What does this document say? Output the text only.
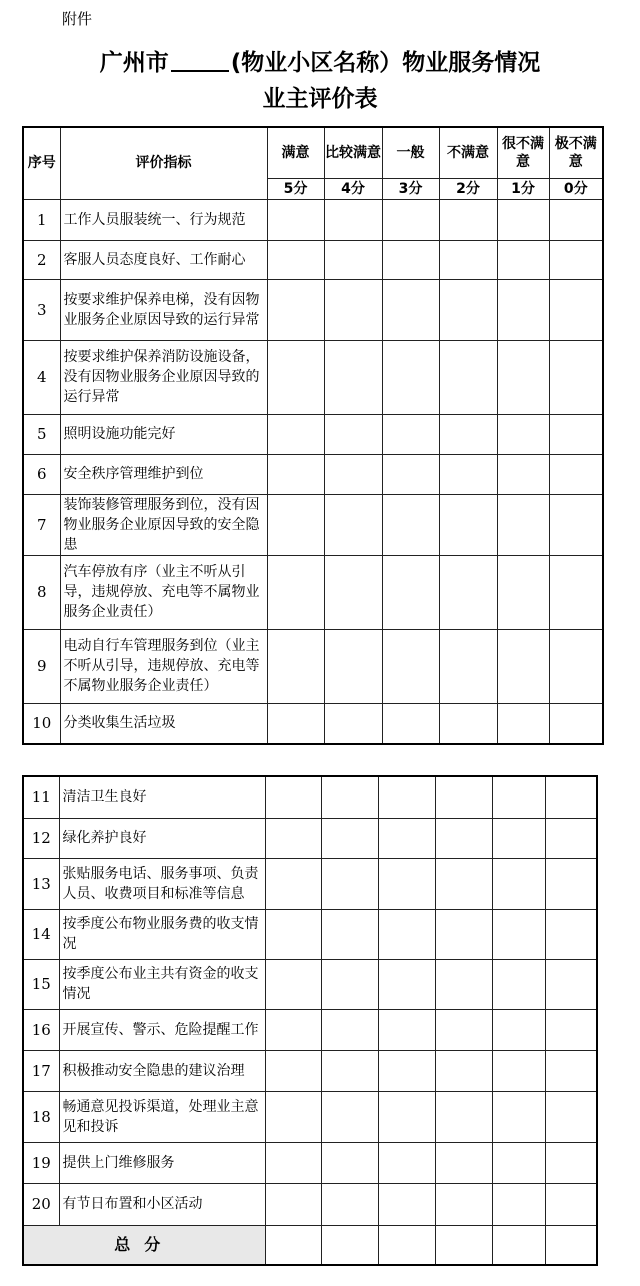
附件
广州市	(物业小区名称）物业服务情况
业主评价表
序号	评价指标	满意	比较满意	一般	不满意	很不满意	极不满意
		5分	4分	3分	2分	1分	0分
1	工作人员服装统一、行为规范						
2	客服人员态度良好、工作耐心						
3	按要求维护保养电梯，没有因物业服务企业原因导致的运行异常						
4	按要求维护保养消防设施设备，没有因物业服务企业原因导致的运行异常						
5	照明设施功能完好						
6	安全秩序管理维护到位						
7	装饰装修管理服务到位，没有因物业服务企业原因导致的安全隐患						
8	汽车停放有序（业主不听从引导，违规停放、充电等不属物业服务企业责任）						
9	电动自行车管理服务到位（业主不听从引导，违规停放、充电等不属物业服务企业责任）						
10	分类收集生活垃圾						
11	清洁卫生良好						
12	绿化养护良好						
13	张贴服务电话、服务事项、负责人员、收费项目和标准等信息						
14	按季度公布物业服务费的收支情况						
15	按季度公布业主共有资金的收支情况						
16	开展宣传、警示、危险提醒工作						
17	积极推动安全隐患的建议治理						
18	畅通意见投诉渠道，处理业主意见和投诉						
19	提供上门维修服务						
20	有节日布置和小区活动						
总分							
